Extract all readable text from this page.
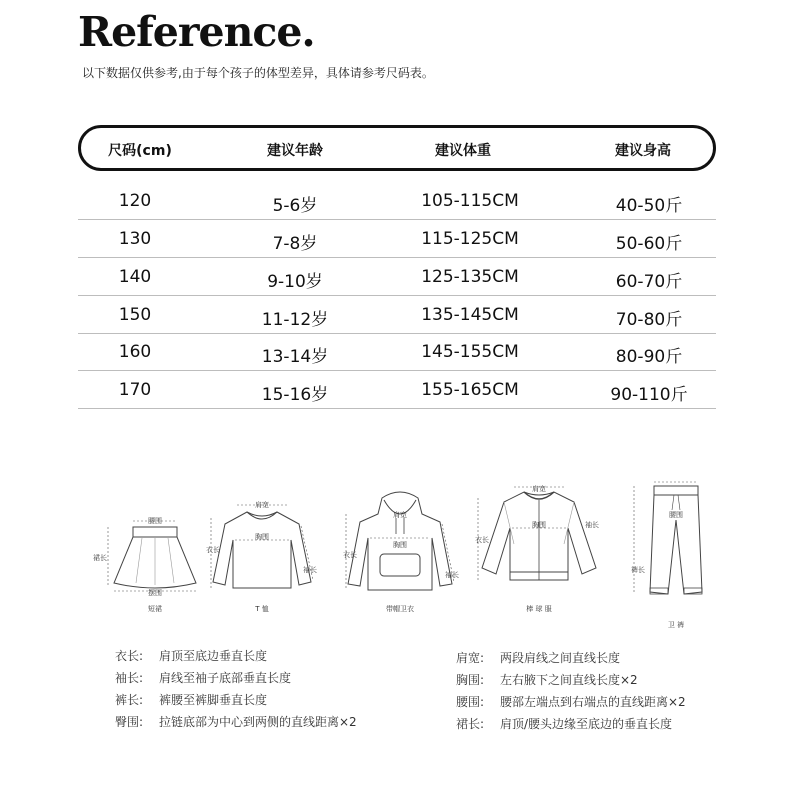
Reference.
以下数据仅供参考,由于每个孩子的体型差异，具体请参考尺码表。
尺码(cm)	建议年龄	建议体重	建议身高
120	5-6岁	105-115CM	40-50斤
130	7-8岁	115-125CM	50-60斤
140	9-10岁	125-135CM	60-70斤
150	11-12岁	135-145CM	70-80斤
160	13-14岁	145-155CM	80-90斤
170	15-16岁	155-165CM	90-110斤
腰围
裙长
摆围
短裙
肩宽
衣长
胸围
袖长
T 恤
肩宽
衣长
胸围
袖长
带帽卫衣
肩宽
衣长
胸围	袖长
棒 球 服
腰围
裤长
卫 裤
衣长: 肩顶至底边垂直长度
袖长: 肩线至袖子底部垂直长度
裤长: 裤腰至裤脚垂直长度
臀围: 拉链底部为中心到两侧的直线距离×2
肩宽: 两段肩线之间直线长度
胸围: 左右腋下之间直线长度×2
腰围: 腰部左端点到右端点的直线距离×2
裙长: 肩顶/腰头边缘至底边的垂直长度
